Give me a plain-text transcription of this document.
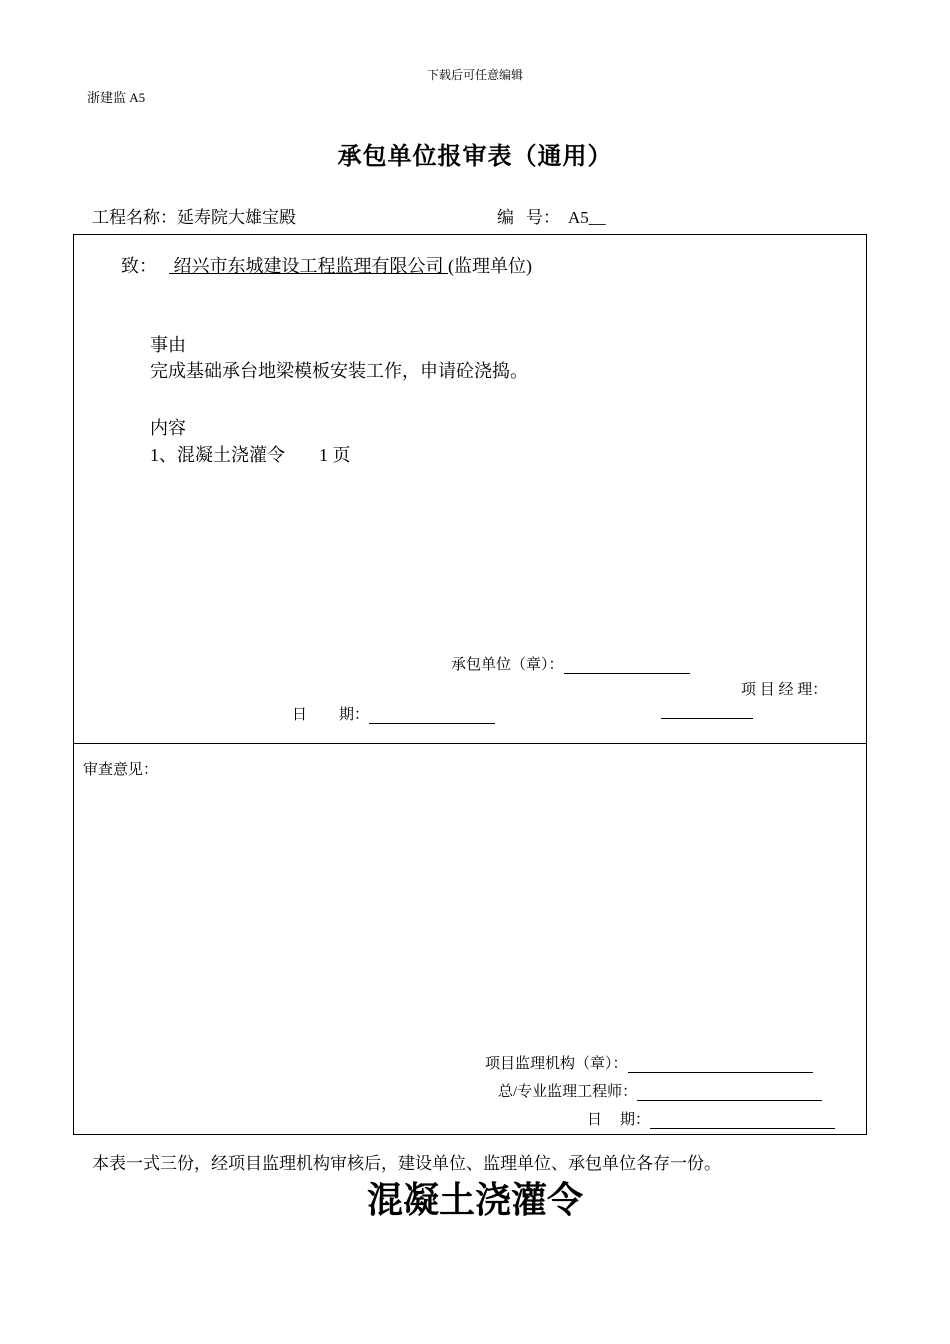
下载后可任意编辑
浙建监 A5
承包单位报审表（通用）
工程名称：延寿院大雄宝殿	编 号： A5__
致： 绍兴市东城建设工程监理有限公司 (监理单位)
事由
完成基础承台地梁模板安装工作，申请砼浇捣。
内容
1、混凝土浇灌令 1 页
承包单位（章）：
项 目 经 理：
日 期：
审查意见：
项目监理机构（章）：
总/专业监理工程师：
日 期：
本表一式三份，经项目监理机构审核后，建设单位、监理单位、承包单位各存一份。
混凝土浇灌令
